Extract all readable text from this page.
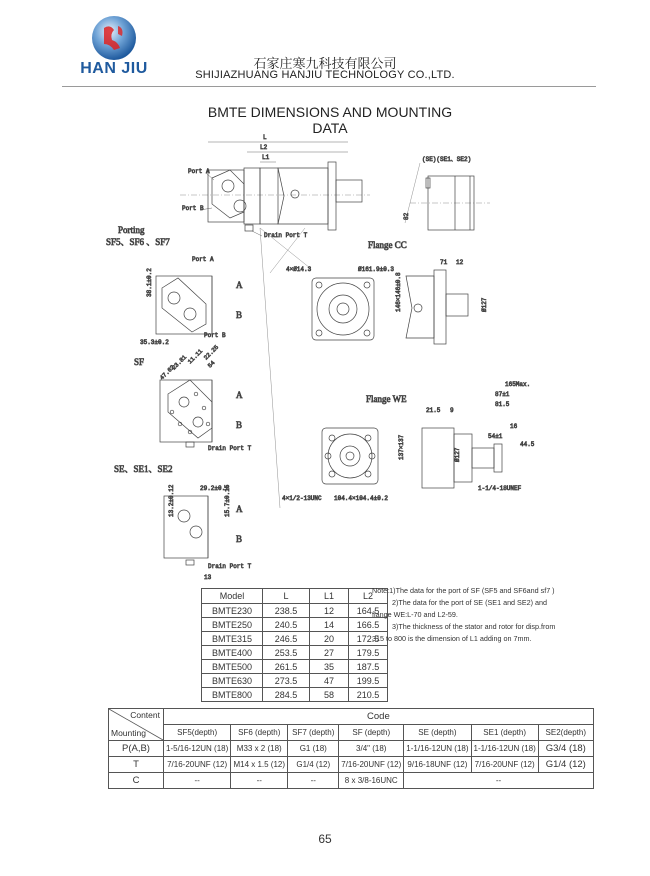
HAN JIU	石家庄寒九科技有限公司
SHIJIAZHUANG HANJIU TECHNOLOGY CO.,LTD.
BMTE DIMENSIONS AND MOUNTING DATA
L
L2
L1
Port A
Port B
Drain Port T
(SE)(SE1、SE2)
82
Porting
SF5、SF6 、SF7
Port A
Port B
38.1±0.2
35.3±0.2
A
B
Flange CC
4×Ø14.3	Ø161.9±0.3
146×146±0.8
71 12
Ø127
SF
47.62
23.81
11.11
22.25
54
A
B
Drain Port T
Flange WE
137×137
4×1/2-13UNC 104.4×104.4±0.2
165Max.
87±1
81.5
21.5 9
16
54±1
44.5
Ø127
1-1/4-18UNEF
SE、SE1、SE2
29.2±0.2
13.2±0.12	15.7±0.15 A
B
Drain Port T
13
Model	L	L1	L2
BMTE230	238.5	12	164.5
BMTE250	240.5	14	166.5
BMTE315	246.5	20	172.5
BMTE400	253.5	27	179.5
BMTE500	261.5	35	187.5
BMTE630	273.5	47	199.5
BMTE800	284.5	58	210.5
Note:1)The data for the port of SF (SF5 and SF6and sf7 )
2)The data for the port of SE (SE1 and SE2) and
flange WE:L-70 and L2-59.
3)The thickness of the stator and rotor for disp.from
315 to 800 is the dimension of L1 adding on 7mm.
Content
Mounting	Code						
	SF5(depth)	SF6 (depth)	SF7 (depth)	SF (depth)	SE (depth)	SE1 (depth)	SE2(depth)
P(A,B)	1-5/16-12UN (18)	M33 x 2 (18)	G1 (18)	3/4" (18)	1-1/16-12UN (18)	1-1/16-12UN (18)	G3/4 (18)
T	7/16-20UNF (12)	M14 x 1.5 (12)	G1/4 (12)	7/16-20UNF (12)	9/16-18UNF (12)	7/16-20UNF (12)	G1/4 (12)
C	--	--	--	8 x 3/8-16UNC	--		
65
